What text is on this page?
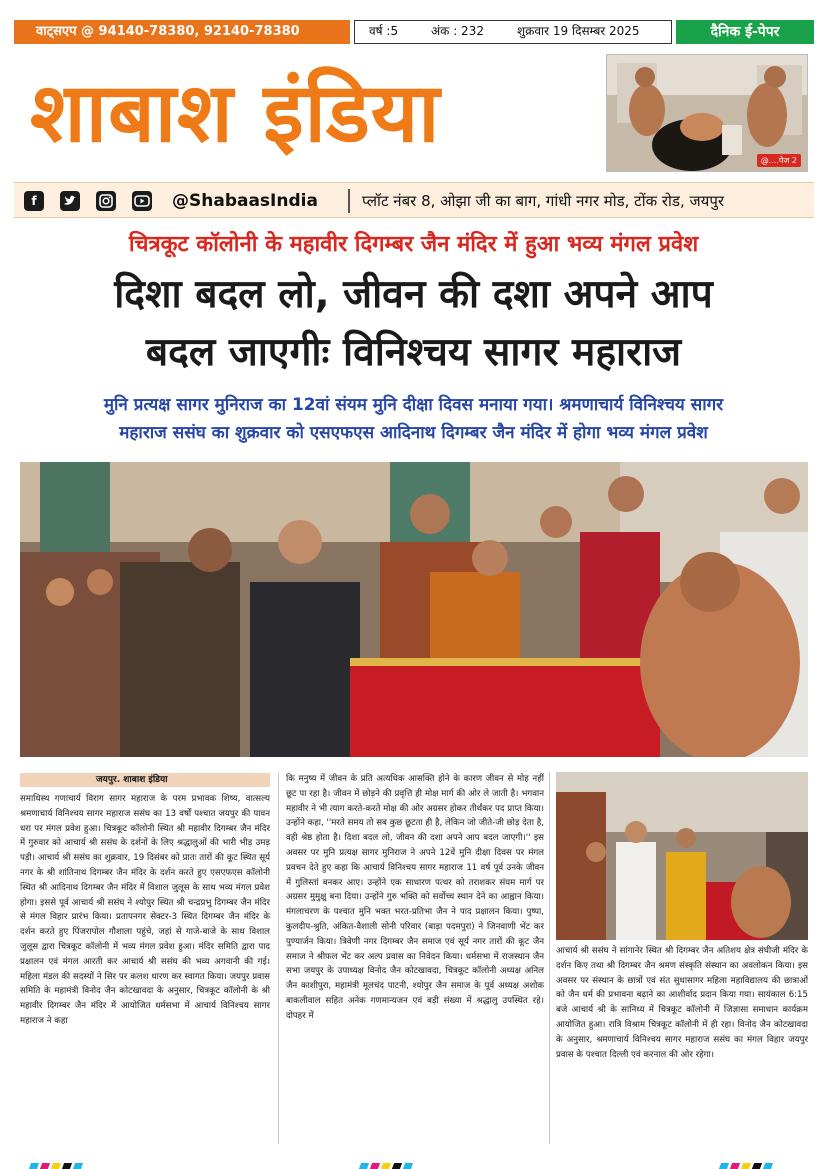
वाट्सएप @ 94140-78380, 92140-78380	वर्ष :5	अंक : 232	शुक्रवार 19 दिसम्बर 2025	दैनिक ई-पेपर
शाबाश इंडिया	@....पेज 2
f	@ShabaasIndia	प्लॉट नंबर 8, ओझा जी का बाग, गांधी नगर मोड, टोंक रोड, जयपुर
चित्रकूट कॉलोनी के महावीर दिगम्बर जैन मंदिर में हुआ भव्य मंगल प्रवेश
दिशा बदल लो, जीवन की दशा अपने आप
बदल जाएगीः विनिश्चय सागर महाराज
मुनि प्रत्यक्ष सागर मुनिराज का 12वां संयम मुनि दीक्षा दिवस मनाया गया। श्रमणाचार्य विनिश्चय सागर
महाराज ससंघ का शुक्रवार को एसएफएस आदिनाथ दिगम्बर जैन मंदिर में होगा भव्य मंगल प्रवेश
जयपुर. शाबाश इंडिया

समाधिस्थ गणाचार्य विराग सागर महाराज के परम प्रभावक शिष्य, वात्सल्य श्रमणाचार्य विनिश्चय सागर महाराज ससंघ का 13 वर्षों पश्चात जयपुर की पावन धरा पर मंगल प्रवेश हुआ। चित्रकूट कॉलोनी स्थित श्री महावीर दिगम्बर जैन मंदिर में गुरुवार को आचार्य श्री ससंघ के दर्शनों के लिए श्रद्धालुओं की भारी भीड़ उमड़ पड़ी। आचार्य श्री ससंघ का शुक्रवार, 19 दिसंबर को प्रातः तारों की कूट स्थित सूर्य नगर के श्री शांतिनाथ दिगम्बर जैन मंदिर के दर्शन करते हुए एसएफएस कॉलोनी स्थित श्री आदिनाथ दिगम्बर जैन मंदिर में विशाल जुलूस के साथ भव्य मंगल प्रवेश होगा। इससे पूर्व आचार्य श्री ससंघ ने श्योपुर स्थित श्री चन्द्रप्रभु दिगम्बर जैन मंदिर से मंगल विहार प्रारंभ किया। प्रतापनगर सेक्टर-3 स्थित दिगम्बर जैन मंदिर के दर्शन करते हुए पिंजरापोल गौशाला पहुंचे, जहां से गाजे-बाजे के साथ विशाल जुलूस द्वारा चित्रकूट कॉलोनी में भव्य मंगल प्रवेश हुआ। मंदिर समिति द्वारा पाद प्रक्षालन एवं मंगल आरती कर आचार्य श्री ससंघ की भव्य अगवानी की गई। महिला मंडल की सदस्यों ने सिर पर कलश धारण कर स्वागत किया। जयपुर प्रवास समिति के महामंत्री विनोद जैन कोटखावदा के अनुसार, चित्रकूट कॉलोनी के श्री महावीर दिगम्बर जैन मंदिर में आयोजित धर्मसभा में आचार्य विनिश्चय सागर महाराज ने कहा

कि मनुष्य में जीवन के प्रति अत्यधिक आसक्ति होने के कारण जीवन से मोह नहीं छूट पा रहा है। जीवन में छोड़ने की प्रवृत्ति ही मोक्ष मार्ग की ओर ले जाती है। भगवान महावीर ने भी त्याग करते-करते मोक्ष की ओर अग्रसर होकर तीर्थंकर पद प्राप्त किया। उन्होंने कहा, ''मरते समय तो सब कुछ छूटता ही है, लेकिन जो जीते-जी छोड़ देता है, वही श्रेष्ठ होता है। दिशा बदल लो, जीवन की दशा अपने आप बदल जाएगी।'' इस अवसर पर मुनि प्रत्यक्ष सागर मुनिराज ने अपने 12वें मुनि दीक्षा दिवस पर मंगल प्रवचन देते हुए कहा कि आचार्य विनिश्चय सागर महाराज 11 वर्ष पूर्व उनके जीवन में गुलिस्तां बनकर आए। उन्होंने एक साधारण पत्थर को तराशकर संयम मार्ग पर अग्रसर मुमुक्षु बना दिया। उन्होंने गुरु भक्ति को सर्वोच्च स्थान देने का आह्वान किया। मंगलाचरण के पश्चात मुनि भक्त भरत-प्रतिभा जैन ने पाद प्रक्षालन किया। पुष्पा, कुलदीप-श्रुति, अंकित-वैशाली सोनी परिवार (बाड़ा पदमपुरा) ने जिनवाणी भेंट कर पुण्यार्जन किया। त्रिवेणी नगर दिगम्बर जैन समाज एवं सूर्य नगर तारों की कूट जैन समाज ने श्रीफल भेंट कर अल्प प्रवास का निवेदन किया। धर्मसभा में राजस्थान जैन सभा जयपुर के उपाध्यक्ष विनोद जैन कोटखावदा, चित्रकूट कॉलोनी अध्यक्ष अनिल जैन काशीपुरा, महामंत्री मूलचंद पाटनी, श्योपुर जैन समाज के पूर्व अध्यक्ष अशोक बाकलीवाल सहित अनेक गणमान्यजन एवं बड़ी संख्या में श्रद्धालु उपस्थित रहे। दोपहर में

आचार्य श्री ससंघ ने सांगानेर स्थित श्री दिगम्बर जैन अतिशय क्षेत्र संघीजी मंदिर के दर्शन किए तथा श्री दिगम्बर जैन श्रमण संस्कृति संस्थान का अवलोकन किया। इस अवसर पर संस्थान के छात्रों एवं संत सुधासागर महिला महाविद्यालय की छात्राओं को जैन धर्म की प्रभावना बढ़ाने का आशीर्वाद प्रदान किया गया। सायंकाल 6:15 बजे आचार्य श्री के सानिध्य में चित्रकूट कॉलोनी में जिज्ञासा समाधान कार्यक्रम आयोजित हुआ। रात्रि विश्राम चित्रकूट कॉलोनी में ही रहा। विनोद जैन कोटखावदा के अनुसार, श्रमणाचार्य विनिश्चय सागर महाराज ससंघ का मंगल विहार जयपुर प्रवास के पश्चात दिल्ली एवं करनाल की ओर रहेगा।
